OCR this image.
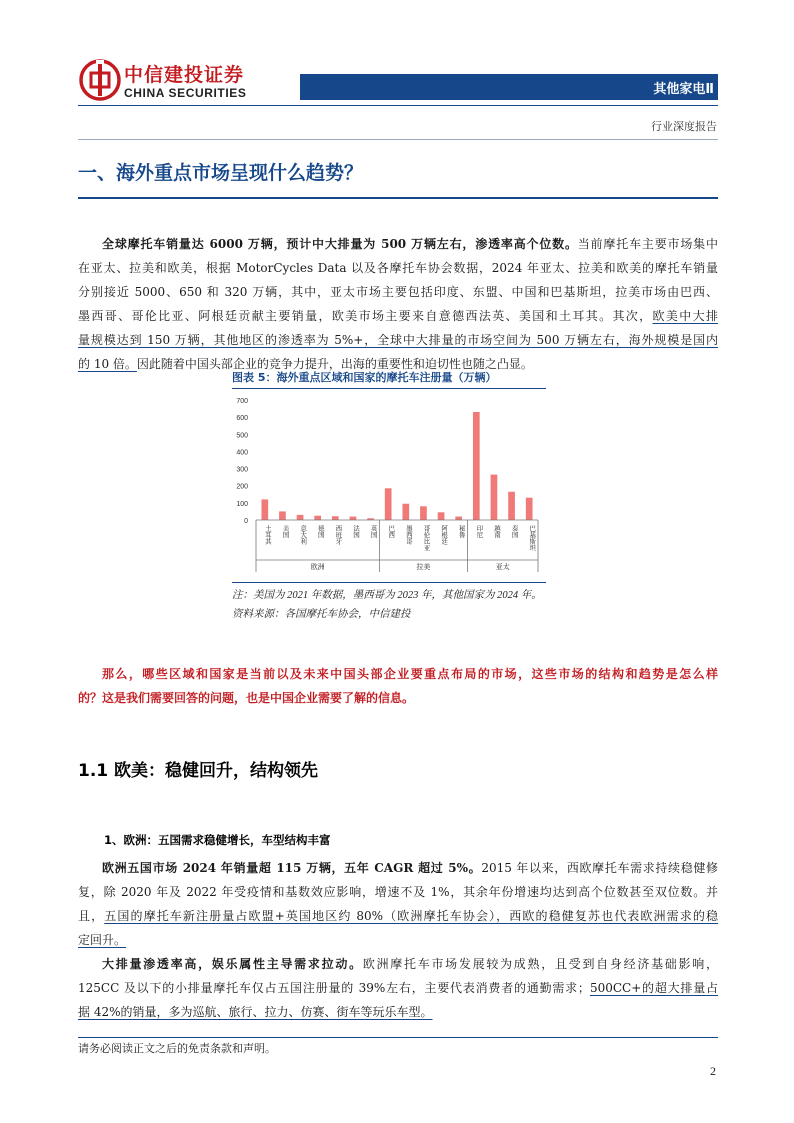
中信建投证券
CHINA SECURITIES	其他家电Ⅱ
行业深度报告
一、海外重点市场呈现什么趋势？
全球摩托车销量达 6000 万辆，预计中大排量为 500 万辆左右，渗透率高个位数。当前摩托车主要市场集中
在亚太、拉美和欧美，根据 MotorCycles Data 以及各摩托车协会数据，2024 年亚太、拉美和欧美的摩托车销量
分别接近 5000、650 和 320 万辆，其中，亚太市场主要包括印度、东盟、中国和巴基斯坦，拉美市场由巴西、
墨西哥、哥伦比亚、阿根廷贡献主要销量，欧美市场主要来自意德西法英、美国和土耳其。其次，欧美中大排
量规模达到 150 万辆，其他地区的渗透率为 5%+，全球中大排量的市场空间为 500 万辆左右，海外规模是国内
的 10 倍。因此随着中国头部企业的竞争力提升，出海的重要性和迫切性也随之凸显。
图表 5：海外重点区域和国家的摩托车注册量（万辆）
0
100
200
300
400
500
600
700
土耳其 美国 意大利 德国 西班牙 法国 英国 巴西 墨西哥 哥伦比亚 阿根廷 秘鲁 印尼 越南 泰国 巴基斯坦
欧洲	拉美	亚太
注：美国为 2021 年数据，墨西哥为 2023 年，其他国家为 2024 年。
资料来源：各国摩托车协会，中信建投
那么，哪些区域和国家是当前以及未来中国头部企业要重点布局的市场，这些市场的结构和趋势是怎么样
的？这是我们需要回答的问题，也是中国企业需要了解的信息。
1.1 欧美：稳健回升，结构领先
1、欧洲：五国需求稳健增长，车型结构丰富
欧洲五国市场 2024 年销量超 115 万辆，五年 CAGR 超过 5%。2015 年以来，西欧摩托车需求持续稳健修
复，除 2020 年及 2022 年受疫情和基数效应影响，增速不及 1%，其余年份增速均达到高个位数甚至双位数。并
且，五国的摩托车新注册量占欧盟+英国地区约 80%（欧洲摩托车协会），西欧的稳健复苏也代表欧洲需求的稳
定回升。
大排量渗透率高，娱乐属性主导需求拉动。欧洲摩托车市场发展较为成熟，且受到自身经济基础影响，
125CC 及以下的小排量摩托车仅占五国注册量的 39%左右，主要代表消费者的通勤需求；500CC+的超大排量占
据 42%的销量，多为巡航、旅行、拉力、仿赛、街车等玩乐车型。
请务必阅读正文之后的免责条款和声明。
2
